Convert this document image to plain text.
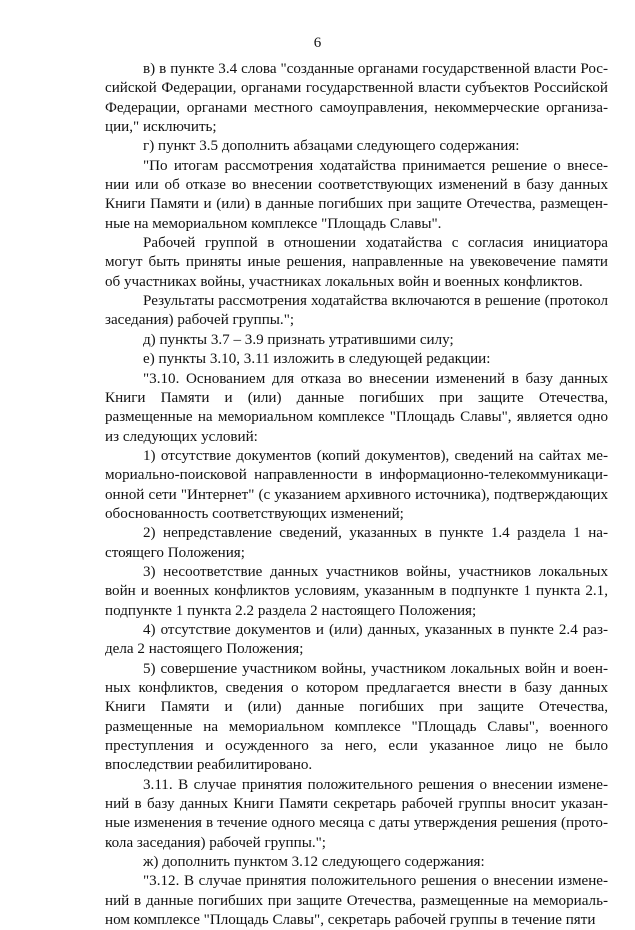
6

в) в пункте 3.4 слова "созданные органами государственной власти Российской Федерации, органами государственной власти субъектов Российской Федерации, органами местного самоуправления, некоммерческие организации," исключить;

г) пункт 3.5 дополнить абзацами следующего содержания:

"По итогам рассмотрения ходатайства принимается решение о внесении или об отказе во внесении соответствующих изменений в базу данных Книги Памяти и (или) в данные погибших при защите Отечества, размещенные на мемориальном комплексе "Площадь Славы".

Рабочей группой в отношении ходатайства с согласия инициатора могут быть приняты иные решения, направленные на увековечение памяти об участниках войны, участниках локальных войн и военных конфликтов.

Результаты рассмотрения ходатайства включаются в решение (протокол заседания) рабочей группы.";

д) пункты 3.7 – 3.9 признать утратившими силу;

е) пункты 3.10, 3.11 изложить в следующей редакции:

"3.10. Основанием для отказа во внесении изменений в базу данных Книги Памяти и (или) данные погибших при защите Отечества, размещенные на мемориальном комплексе "Площадь Славы", является одно из следующих условий:

1) отсутствие документов (копий документов), сведений на сайтах мемориально-поисковой направленности в информационно-телекоммуникационной сети "Интернет" (с указанием архивного источника), подтверждающих обоснованность соответствующих изменений;

2) непредставление сведений, указанных в пункте 1.4 раздела 1 настоящего Положения;

3) несоответствие данных участников войны, участников локальных войн и военных конфликтов условиям, указанным в подпункте 1 пункта 2.1, подпункте 1 пункта 2.2 раздела 2 настоящего Положения;

4) отсутствие документов и (или) данных, указанных в пункте 2.4 раздела 2 настоящего Положения;

5) совершение участником войны, участником локальных войн и военных конфликтов, сведения о котором предлагается внести в базу данных Книги Памяти и (или) данные погибших при защите Отечества, размещенные на мемориальном комплексе "Площадь Славы", военного преступления и осужденного за него, если указанное лицо не было впоследствии реабилитировано.

3.11. В случае принятия положительного решения о внесении изменений в базу данных Книги Памяти секретарь рабочей группы вносит указанные изменения в течение одного месяца с даты утверждения решения (протокола заседания) рабочей группы.";

ж) дополнить пунктом 3.12 следующего содержания:

"3.12. В случае принятия положительного решения о внесении изменений в данные погибших при защите Отечества, размещенные на мемориальном комплексе "Площадь Славы", секретарь рабочей группы в течение пяти
